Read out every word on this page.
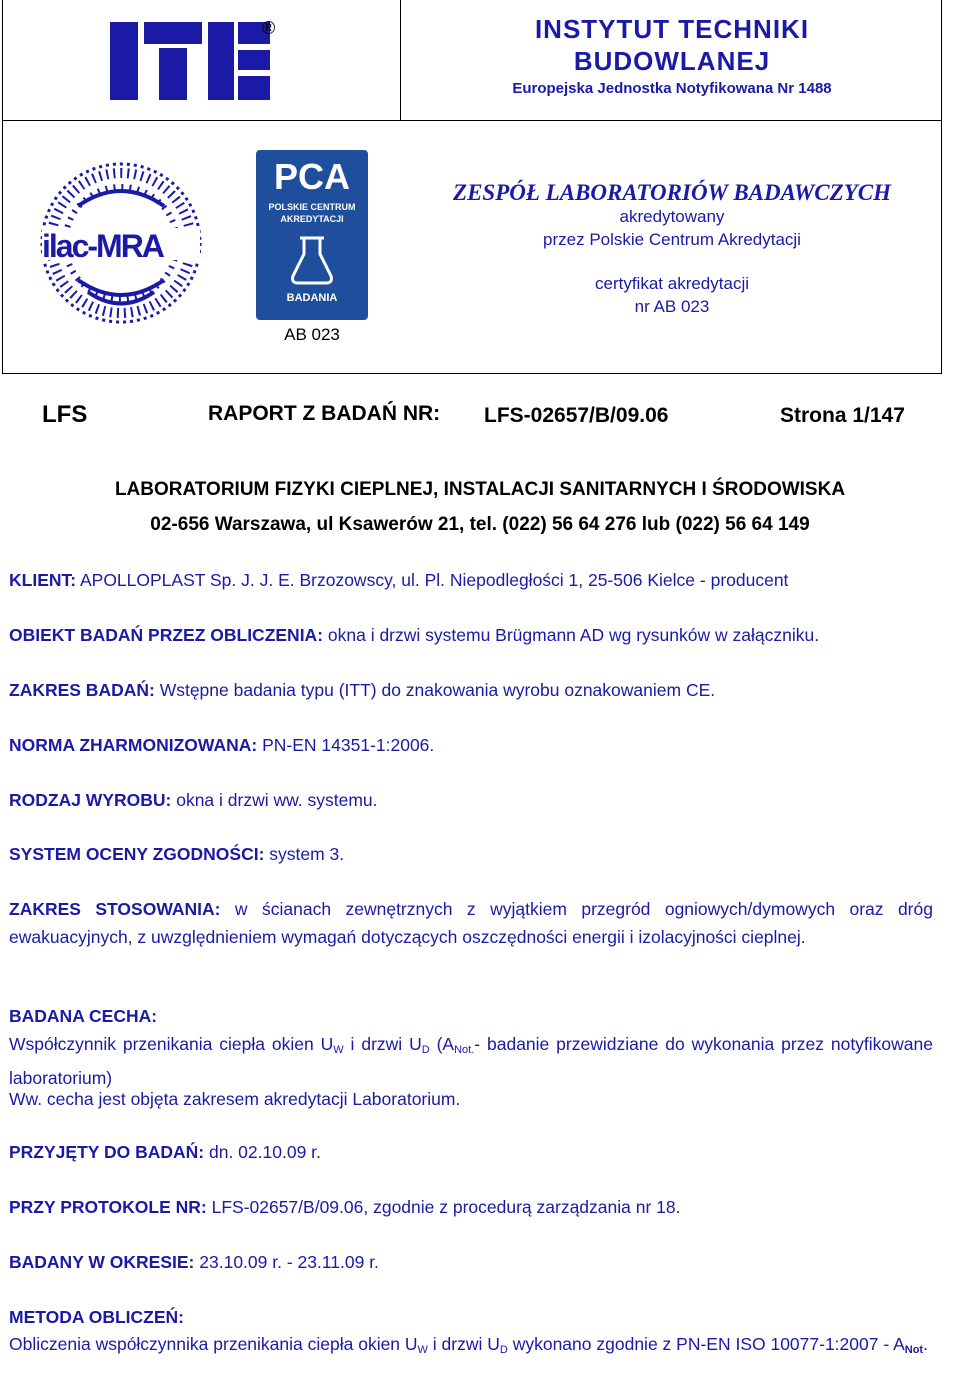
®	INSTYTUT TECHNIKI
BUDOWLANEJ
Europejska Jednostka Notyfikowana Nr 1488
ilac-MRA
PCA
POLSKIE CENTRUM
AKREDYTACJI
BADANIA
AB 023
ZESPÓŁ LABORATORIÓW BADAWCZYCH
akredytowany
przez Polskie Centrum Akredytacji
certyfikat akredytacji
nr AB 023
LFS	RAPORT Z BADAŃ NR: LFS-02657/B/09.06	Strona 1/147
LABORATORIUM FIZYKI CIEPLNEJ, INSTALACJI SANITARNYCH I ŚRODOWISKA
02-656 Warszawa, ul Ksawerów 21, tel. (022) 56 64 276 lub (022) 56 64 149
KLIENT: APOLLOPLAST Sp. J. J. E. Brzozowscy, ul. Pl. Niepodległości 1, 25-506 Kielce - producent
OBIEKT BADAŃ PRZEZ OBLICZENIA: okna i drzwi systemu Brügmann AD wg rysunków w załączniku.
ZAKRES BADAŃ: Wstępne badania typu (ITT) do znakowania wyrobu oznakowaniem CE.
NORMA ZHARMONIZOWANA: PN-EN 14351-1:2006.
RODZAJ WYROBU: okna i drzwi ww. systemu.
SYSTEM OCENY ZGODNOŚCI: system 3.
ZAKRES STOSOWANIA: w ścianach zewnętrznych z wyjątkiem przegród ogniowych/dymowych oraz dróg ewakuacyjnych, z uwzględnieniem wymagań dotyczących oszczędności energii i izolacyjności cieplnej.
BADANA CECHA:
Współczynnik przenikania ciepła okien $U_W$ i drzwi $U_D$ ($A_{Not.}-$ badanie przewidziane do wykonania przez notyfikowane laboratorium)
Ww. cecha jest objęta zakresem akredytacji Laboratorium.
PRZYJĘTY DO BADAŃ: dn. 02.10.09 r.
PRZY PROTOKOLE NR: LFS-02657/B/09.06, zgodnie z procedurą zarządzania nr 18.
BADANY W OKRESIE: 23.10.09 r. - 23.11.09 r.
METODA OBLICZEŃ:
Obliczenia współczynnika przenikania ciepła okien $U_W$ i drzwi $U_D$ wykonano zgodnie z PN-EN ISO 10077-1:2007 - $A_{Not}$.
